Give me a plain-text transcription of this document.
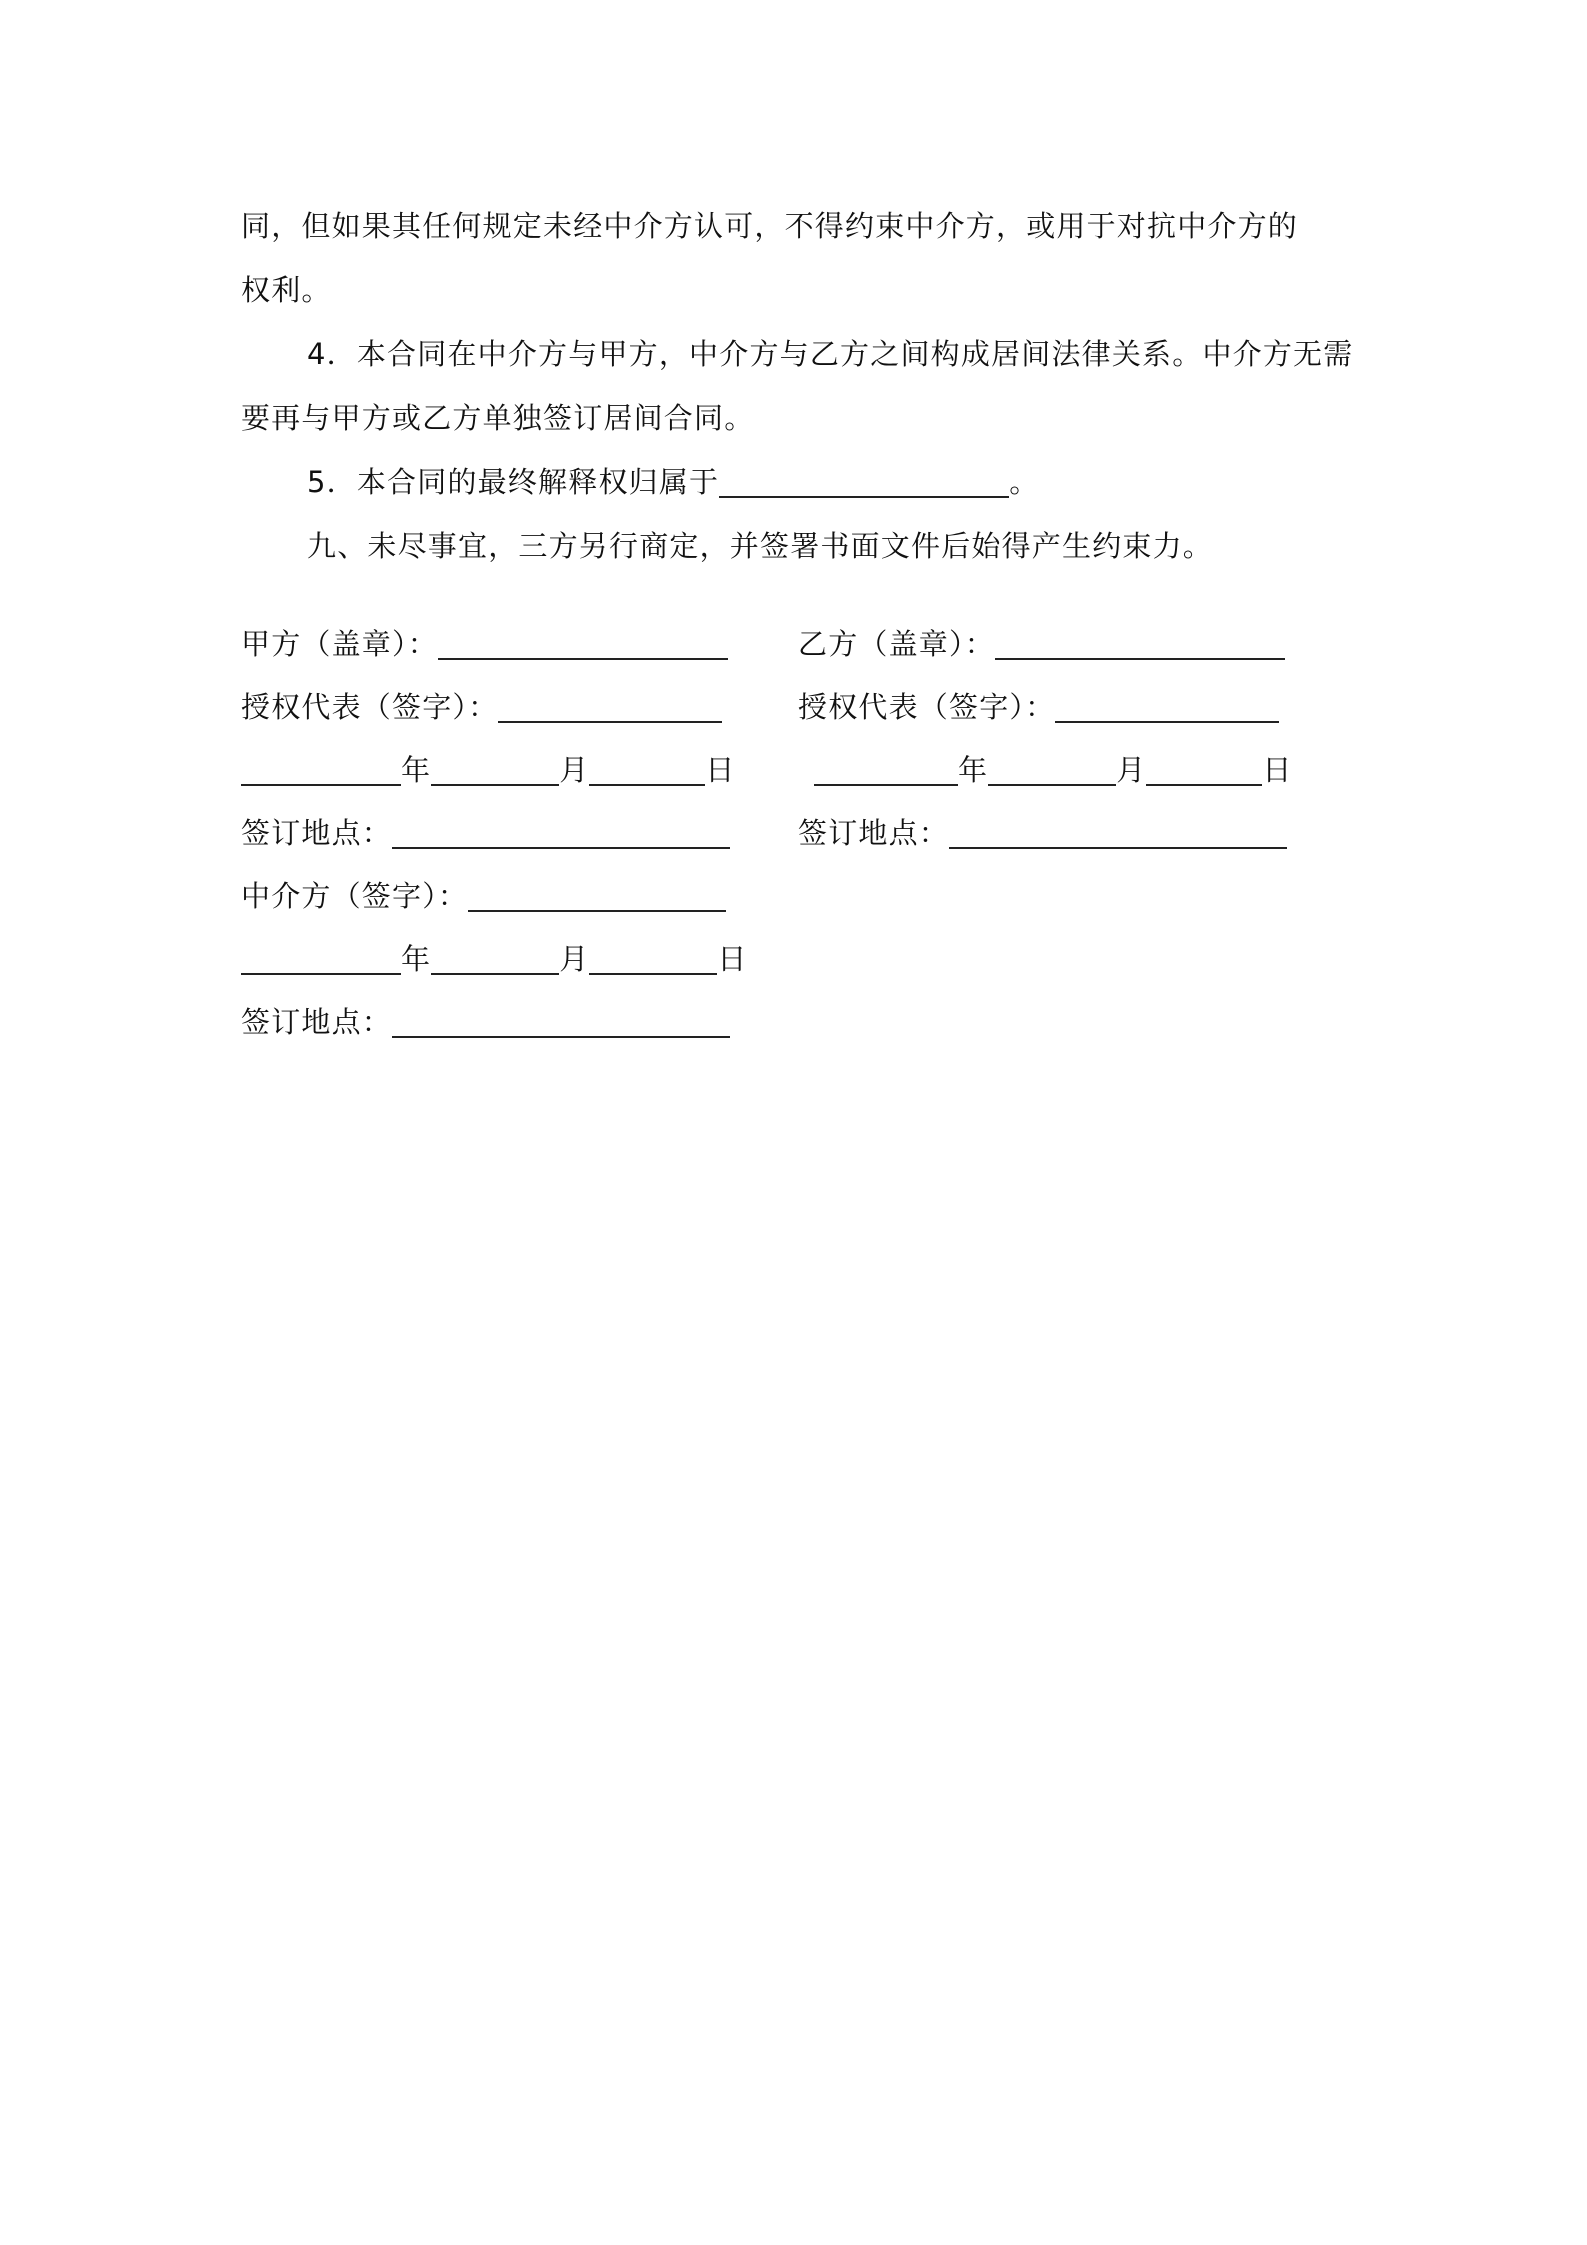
同，但如果其任何规定未经中介方认可，不得约束中介方，或用于对抗中介方的
权利。

4．本合同在中介方与甲方，中介方与乙方之间构成居间法律关系。中介方无需要再与甲方或乙方单独签订居间合同。

5．本合同的最终解释权归属于	。

九、未尽事宜，三方另行商定，并签署书面文件后始得产生约束力。

甲方（盖章）：
授权代表（签字）：
年	月	日
签订地点：
乙方（盖章）：
授权代表（签字）：
年	月	日
签订地点：
中介方（签字）：
年	月	日
签订地点：
